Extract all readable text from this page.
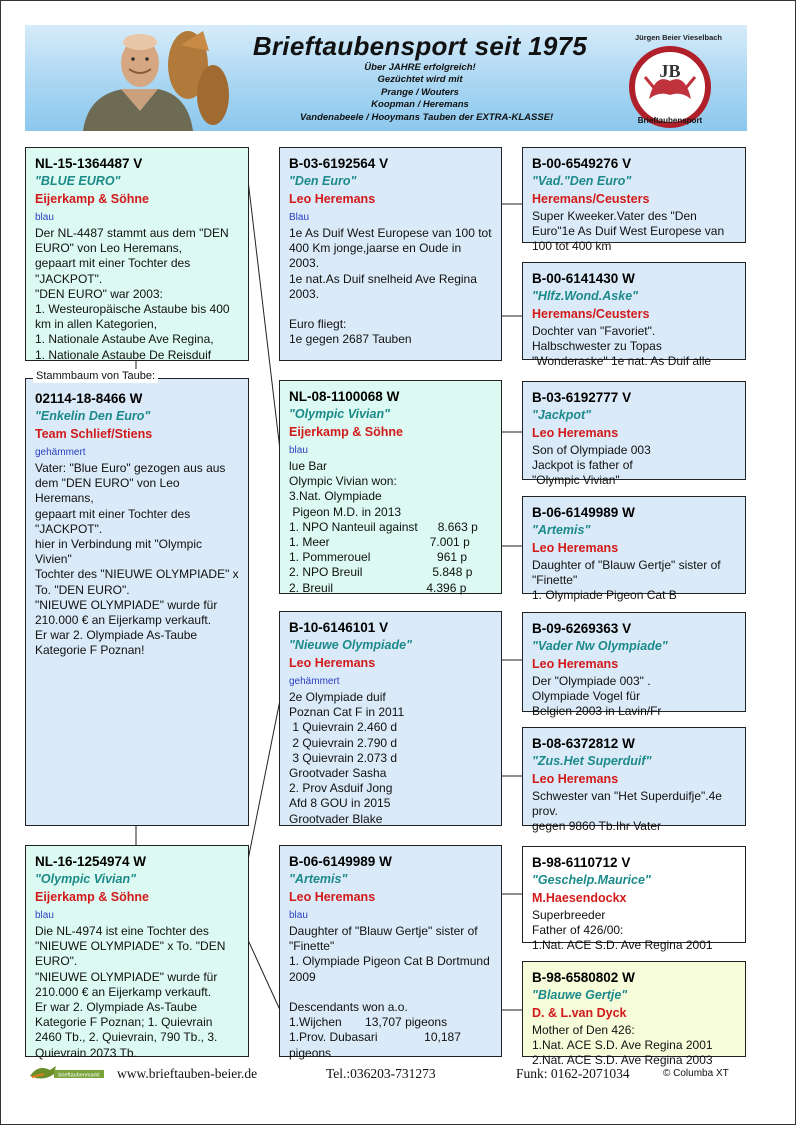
Brieftaubensport seit 1975
Über JAHRE erfolgreich!
Gezüchtet wird mit
Prange / Wouters
Koopman / Heremans
Vandenabeele / Hooymans Tauben der EXTRA-KLASSE!
Jürgen Beier Vieselbach
JB
Brieftaubensport
NL-15-1364487 V
"BLUE EURO"
Eijerkamp & Söhne
blau
Der NL-4487 stammt aus dem "DEN EURO" von Leo Heremans,
gepaart mit einer Tochter des "JACKPOT".
"DEN EURO" war 2003:
1. Westeuropäische Astaube bis 400 km in allen Kategorien,
1. Nationale Astaube Ave Regina,
1. Nationale Astaube De Reisduif
02114-18-8466 W
"Enkelin Den Euro"
Team Schlief/Stiens
gehämmert
Vater: "Blue Euro" gezogen aus aus dem "DEN EURO" von Leo Heremans,
gepaart mit einer Tochter des "JACKPOT".
hier in Verbindung mit "Olympic Vivien"
Tochter des "NIEUWE OLYMPIADE" x To. "DEN EURO".
"NIEUWE OLYMPIADE" wurde für 210.000 € an Eijerkamp verkauft.
Er war 2. Olympiade As-Taube Kategorie F Poznan!
Stammbaum von Taube:
NL-16-1254974 W
"Olympic Vivian"
Eijerkamp & Söhne
blau
Die NL-4974 ist eine Tochter des "NIEUWE OLYMPIADE" x To. "DEN EURO".
"NIEUWE OLYMPIADE" wurde für 210.000 € an Eijerkamp verkauft.
Er war 2. Olympiade As-Taube Kategorie F Poznan; 1. Quievrain 2460 Tb., 2. Quievrain, 790 Tb., 3. Quievrain 2073 Tb.
B-03-6192564 V
"Den Euro"
Leo Heremans
Blau
1e As Duif West Europese van 100 tot 400 Km jonge,jaarse en Oude in 2003.
1e nat.As Duif snelheid Ave Regina 2003.

Euro fliegt:
1e gegen 2687 Tauben
NL-08-1100068 W
"Olympic Vivian"
Eijerkamp & Söhne
blau
lue Bar
Olympic Vivian won:
3.Nat. Olympiade
Pigeon M.D. in 2013
1. NPO Nanteuil against      8.663 p
1. Meer                              7.001 p
1. Pommerouel                    961 p
2. NPO Breuil                     5.848 p
2. Breuil                            4.396 p
B-10-6146101 V
"Nieuwe Olympiade"
Leo Heremans
gehämmert
2e Olympiade duif
Poznan Cat F in 2011
1 Quievrain 2.460 d
2 Quievrain 2.790 d
3 Quievrain 2.073 d
Grootvader Sasha
2. Prov Asduif Jong
Afd 8 GOU in 2015
Grootvader Blake
B-06-6149989 W
"Artemis"
Leo Heremans
blau
Daughter of "Blauw Gertje" sister of "Finette"
1. Olympiade Pigeon Cat B Dortmund 2009

Descendants won a.o.
1.Wijchen       13,707 pigeons
1.Prov. Dubasari              10,187 pigeons
B-00-6549276 V
"Vad."Den Euro"
Heremans/Ceusters
Super Kweeker.Vater des "Den Euro"1e As Duif West Europese van 100 tot 400 km
B-00-6141430 W
"Hlfz.Wond.Aske"
Heremans/Ceusters
Dochter van "Favoriet". Halbschwester zu Topas "Wonderaske" 1e nat. As Duif alle
B-03-6192777 V
"Jackpot"
Leo Heremans
Son of Olympiade 003
Jackpot is father of
"Olympic Vivian"
B-06-6149989 W
"Artemis"
Leo Heremans
Daughter of "Blauw Gertje" sister of "Finette"
1. Olympiade Pigeon Cat B
B-09-6269363 V
"Vader Nw Olympiade"
Leo Heremans
Der "Olympiade 003" .
Olympiade Vogel für
Belgien 2003 in Lavin/Fr
B-08-6372812 W
"Zus.Het Superduif"
Leo Heremans
Schwester van "Het Superduifje".4e prov.
gegen 9860 Tb.Ihr Vater
B-98-6110712 V
"Geschelp.Maurice"
M.Haesendockx
Superbreeder
Father of 426/00:
1.Nat. ACE S.D. Ave Regina 2001
B-98-6580802 W
"Blauwe Gertje"
D. & L.van Dyck
Mother of Den 426:
1.Nat. ACE S.D. Ave Regina 2001
2.Nat. ACE S.D. Ave Regina 2003
brieftaubenmarkt www.brieftauben-beier.de	Tel.:036203-731273	Funk: 0162-2071034	© Columba XT
